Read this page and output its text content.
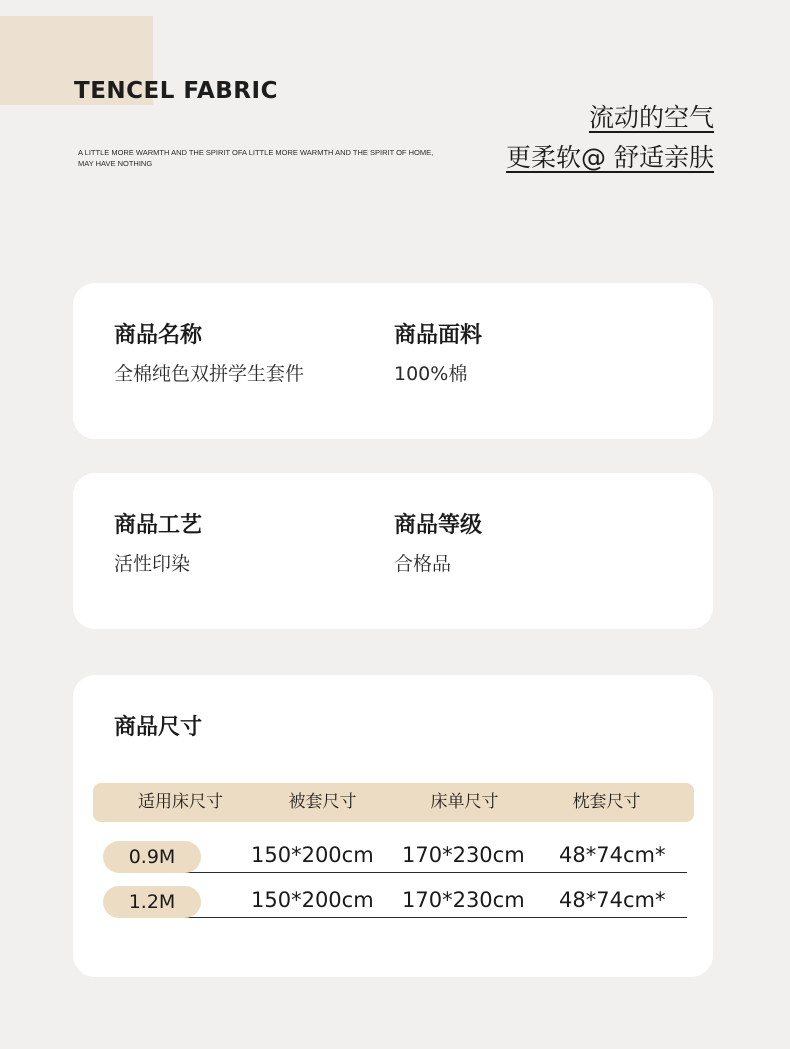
TENCEL FABRIC

A LITTLE MORE WARMTH AND THE SPIRIT OFA LITTLE MORE WARMTH AND THE SPIRIT OF HOME, MAY HAVE NOTHING

流动的空气

更柔软@ 舒适亲肤

商品名称

全棉纯色双拼学生套件

商品面料

100%棉

商品工艺

活性印染

商品等级

合格品

商品尺寸

适用床尺寸	被套尺寸	床单尺寸	枕套尺寸
0.9M	150*200cm 170*230cm 48*74cm*
1.2M	150*200cm 170*230cm 48*74cm*
